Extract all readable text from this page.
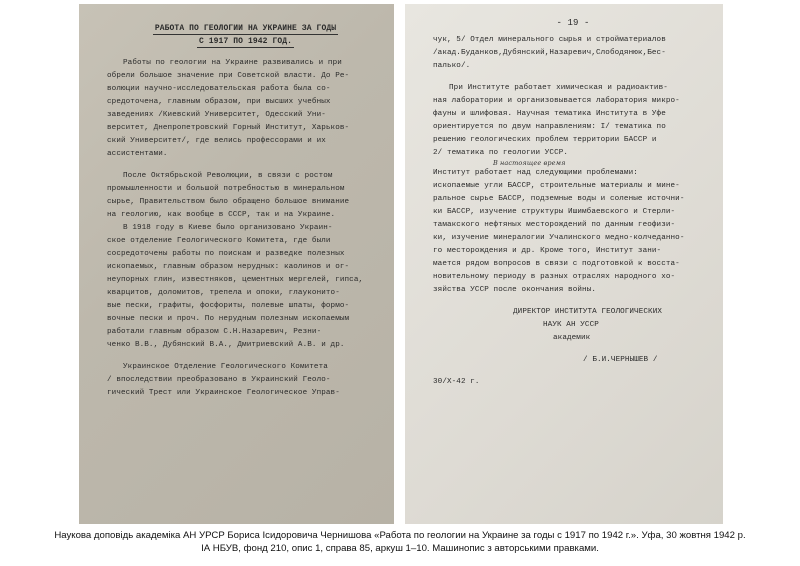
РАБОТА ПО ГЕОЛОГИИ НА УКРАИНЕ ЗА ГОДЫ
С 1917 ПО 1942 ГОД.
Работы по геологии на Украине развивались и при
обрели большое значение при Советской власти. До Ре-
волюции научно-исследовательская работа была со-
средоточена, главным образом, при высших учебных
заведениях /Киевский Университет, Одесский Уни-
верситет, Днепропетровский Горный Институт, Харьков-
ский Университет/, где велись профессорами и их
ассистентами.
После Октябрьской Революции, в связи с ростом
промышленности и большой потребностью в минеральном
сырье, Правительством было обращено большое внимание
на геологию, как вообще в СССР, так и на Украине.
В 1918 году в Киеве было организовано Украин-
ское отделение Геологического Комитета, где были
сосредоточены работы по поискам и разведке полезных
ископаемых, главным образом нерудных: каолинов и ог-
неупорных глин, известняков, цементных мергелей, гипса,
кварцитов, доломитов, трепела и опоки, глауконито-
вые пески, графиты, фосфориты, полевые шпаты, формо-
вочные пески и проч. По нерудным полезным ископаемым
работали главным образом С.Н.Назаревич, Резни-
ченко В.В., Дубянский В.А., Дмитриевский А.В. и др.
Украинское Отделение Геологического Комитета
/ впоследствии преобразовано в Украинский Геоло-
гический Трест или Украинское Геологическое Управ-
- 19 -
чук, 5/ Отдел минерального сырья и стройматериалов
/акад.Буданков,Дубянский,Назаревич,Слободянюк,Бес-
палько/.
При Институте работает химическая и радиоактив-
ная лаборатории и организовывается лаборатория микро-
фауны и шлифовая. Научная тематика Института в Уфе
ориентируется по двум направлениям: I/ тематика по
решению геологических проблем территории БАССР и
2/ тематика по геологии УССР.
В настоящее время
Институт работает над следующими проблемами:
ископаемые угли БАССР, строительные материалы и мине-
ральное сырье БАССР, подземные воды и соленые источни-
ки БАССР, изучение структуры Ишимбаевского и Стерли-
тамакского нефтяных месторождений по данным геофизи-
ки, изучение минералогии Учалинского медно-колчеданно-
го месторождения и др. Кроме того, Институт зани-
мается рядом вопросов в связи с подготовкой к восста-
новительному периоду в разных отраслях народного хо-
зяйства УССР после окончания войны.
ДИРЕКТОР ИНСТИТУТА ГЕОЛОГИЧЕСКИХ
НАУК АН УССР
академик
/ Б.И.ЧЕРНЫШЕВ /
30/Х-42 г.
Наукова доповідь академіка АН УРСР Бориса Ісидоровича Чернишова «Работа по геологии на Украине за годы с 1917 по 1942 г.». Уфа, 30 жовтня 1942 р.
ІА НБУВ, фонд 210, опис 1, справа 85, аркуш 1–10. Машинопис з авторськими правками.
